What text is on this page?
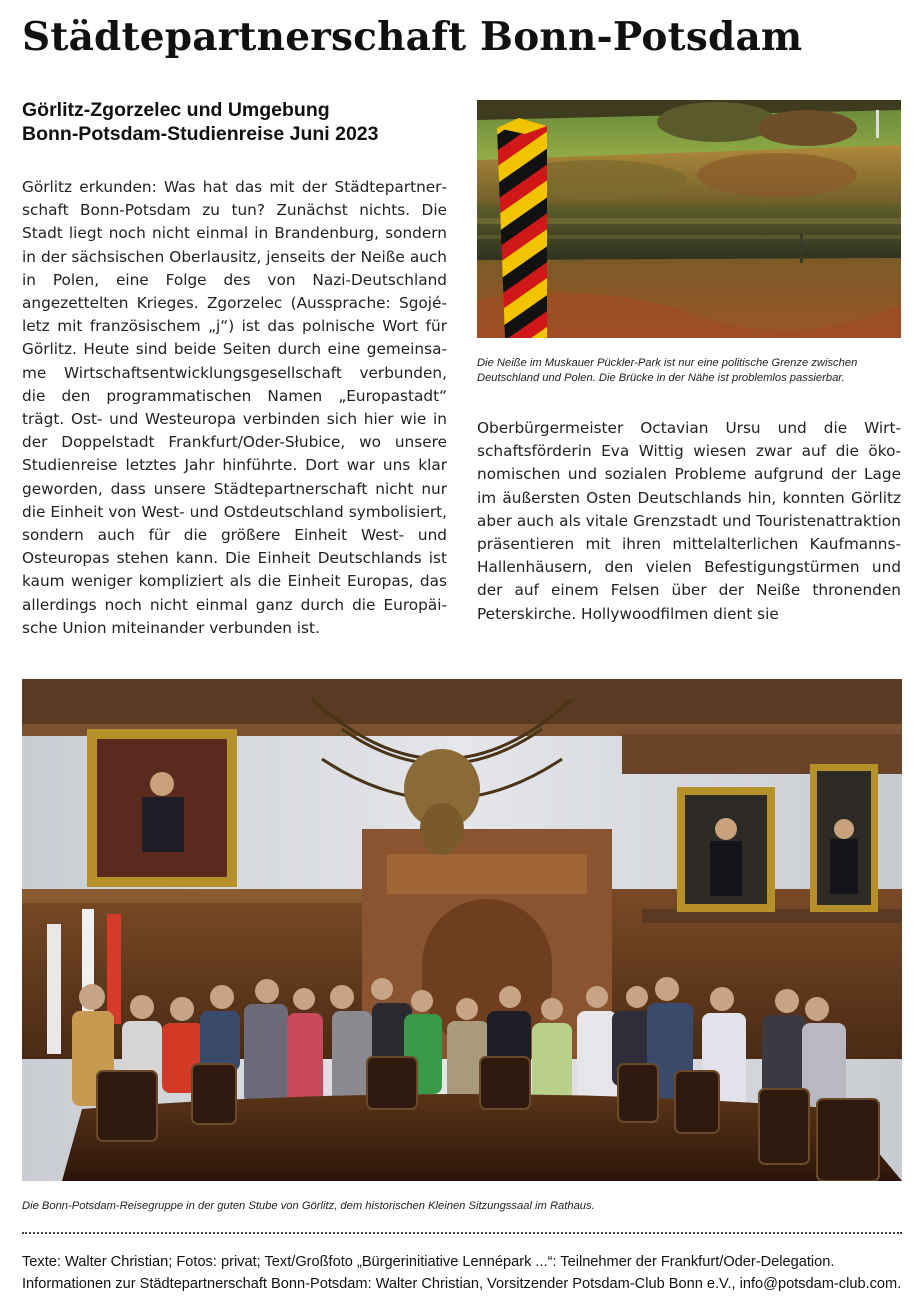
Städtepartnerschaft Bonn-Potsdam
Görlitz-Zgorzelec und Umgebung
Bonn-Potsdam-Studienreise Juni 2023

Görlitz erkunden: Was hat das mit der Städtepartnerschaft Bonn-Potsdam zu tun? Zunächst nichts. Die Stadt liegt noch nicht einmal in Brandenburg, sondern in der sächsischen Oberlausitz, jenseits der Neiße auch in Polen, eine Folge des von Nazi-Deutschland angezettelten Krieges. Zgorzelec (Aussprache: Sgojéletz mit französischem „j“) ist das polnische Wort für Görlitz. Heute sind beide Seiten durch eine gemeinsame Wirtschaftsentwicklungsgesellschaft verbunden, die den programmatischen Namen „Europastadt“ trägt. Ost- und Westeuropa verbinden sich hier wie in der Doppelstadt Frankfurt/Oder-Słubice, wo unsere Studienreise letztes Jahr hinführte. Dort war uns klar geworden, dass unsere Städtepartnerschaft nicht nur die Einheit von West- und Ostdeutschland symbolisiert, sondern auch für die größere Einheit West- und Osteuropas stehen kann. Die Einheit Deutschlands ist kaum weniger kompliziert als die Einheit Europas, das allerdings noch nicht einmal ganz durch die Europäische Union miteinander verbunden ist.

Die Neiße im Muskauer Pückler-Park ist nur eine politische Grenze zwischen Deutschland und Polen. Die Brücke in der Nähe ist problemlos passierbar.

Oberbürgermeister Octavian Ursu und die Wirtschaftsförderin Eva Wittig wiesen zwar auf die ökonomischen und sozialen Probleme aufgrund der Lage im äußersten Osten Deutschlands hin, konnten Görlitz aber auch als vitale Grenzstadt und Touristenattraktion präsentieren mit ihren mittelalterlichen Kaufmanns-Hallenhäusern, den vielen Befestigungstürmen und der auf einem Felsen über der Neiße thronenden Peterskirche. Hollywoodfilmen dient sie

Die Bonn-Potsdam-Reisegruppe in der guten Stube von Görlitz, dem historischen Kleinen Sitzungssaal im Rathaus.
Texte: Walter Christian; Fotos: privat; Text/Großfoto „Bürgerinitiative Lennépark ...“: Teilnehmer der Frankfurt/Oder-Delegation.
Informationen zur Städtepartnerschaft Bonn-Potsdam: Walter Christian, Vorsitzender Potsdam-Club Bonn e.V., info@potsdam-club.com.
